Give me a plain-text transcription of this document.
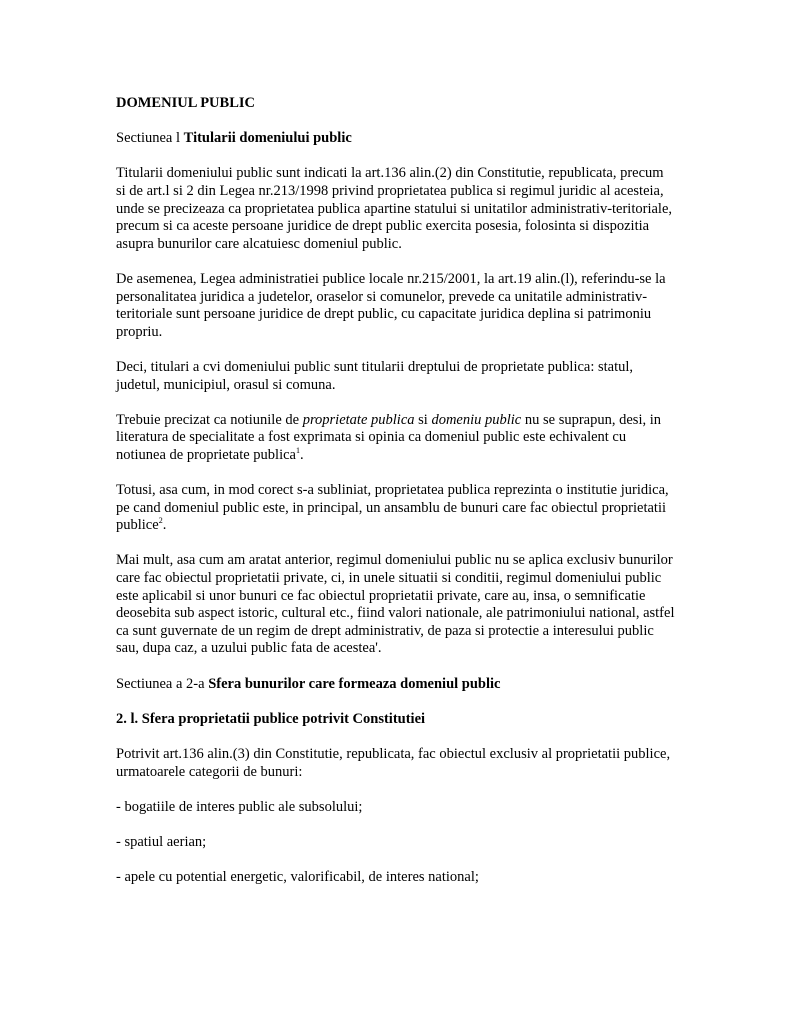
DOMENIUL PUBLIC

Sectiunea l Titularii domeniului public

Titularii domeniului public sunt indicati la art.136 alin.(2) din Constitutie, republicata, precum si de art.l si 2 din Legea nr.213/1998 privind proprietatea publica si regimul juridic al acesteia, unde se precizeaza ca proprietatea publica apartine statului si unitatilor administrativ-teritoriale, precum si ca aceste persoane juridice de drept public exercita posesia, folosinta si dispozitia asupra bunurilor care alcatuiesc domeniul public.

De asemenea, Legea administratiei publice locale nr.215/2001, la art.19 alin.(l), referindu-se la personalitatea juridica a judetelor, oraselor si comunelor, prevede ca unitatile administrativ-teritoriale sunt persoane juridice de drept public, cu capacitate juridica deplina si patrimoniu propriu.

Deci, titulari a cvi domeniului public sunt titularii dreptului de proprietate publica: statul, judetul, municipiul, orasul si comuna.

Trebuie precizat ca notiunile de proprietate publica si domeniu public nu se suprapun, desi, in literatura de specialitate a fost exprimata si opinia ca domeniul public este echivalent cu notiunea de proprietate publica$^1$.

Totusi, asa cum, in mod corect s-a subliniat, proprietatea publica reprezinta o institutie juridica, pe cand domeniul public este, in principal, un ansamblu de bunuri care fac obiectul proprietatii publice$^2$.

Mai mult, asa cum am aratat anterior, regimul domeniului public nu se aplica exclusiv bunurilor care fac obiectul proprietatii private, ci, in unele situatii si conditii, regimul domeniului public este aplicabil si unor bunuri ce fac obiectul proprietatii private, care au, insa, o semnificatie deosebita sub aspect istoric, cultural etc., fiind valori nationale, ale patrimoniului national, astfel ca sunt guvernate de un regim de drept administrativ, de paza si protectie a interesului public sau, dupa caz, a uzului public fata de acestea'.

Sectiunea a 2-a Sfera bunurilor care formeaza domeniul public

2. l. Sfera proprietatii publice potrivit Constitutiei

Potrivit art.136 alin.(3) din Constitutie, republicata, fac obiectul exclusiv al proprietatii publice, urmatoarele categorii de bunuri:

- bogatiile de interes public ale subsolului;

- spatiul aerian;

- apele cu potential energetic, valorificabil, de interes national;
